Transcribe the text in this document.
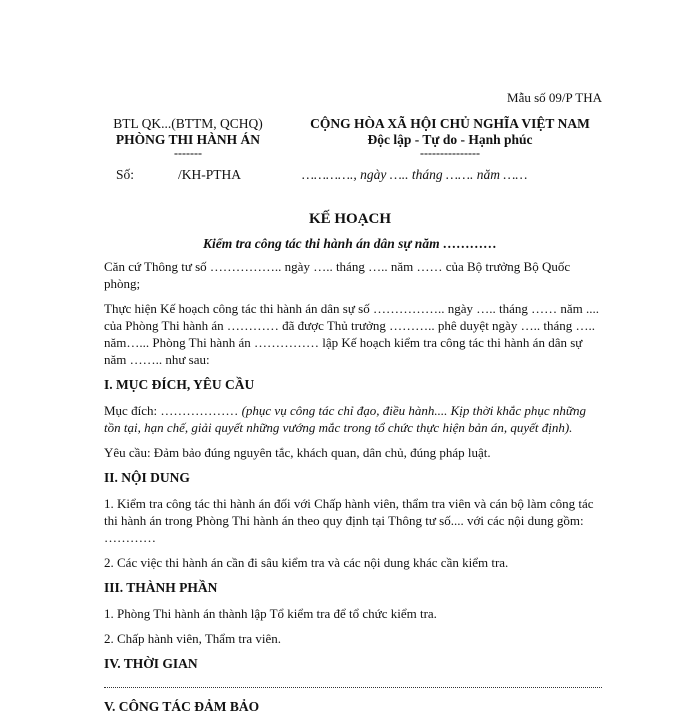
Mẫu số 09/P THA
BTL QK...(BTTM, QCHQ)
PHÒNG THI HÀNH ÁN
-------
CỘNG HÒA XÃ HỘI CHỦ NGHĨA VIỆT NAM
Độc lập - Tự do - Hạnh phúc
---------------
Số:	/KH-PTHA	…………., ngày ….. tháng ……. năm ……
KẾ HOẠCH
Kiểm tra công tác thi hành án dân sự năm …………

Căn cứ Thông tư số …………….. ngày ….. tháng ….. năm …… của Bộ trưởng Bộ Quốc phòng;

Thực hiện Kế hoạch công tác thi hành án dân sự số …………….. ngày ….. tháng …… năm .... của Phòng Thi hành án ………… đã được Thủ trưởng ……….. phê duyệt ngày ….. tháng ….. năm…... Phòng Thi hành án …………… lập Kế hoạch kiểm tra công tác thi hành án dân sự năm …….. như sau:

I. MỤC ĐÍCH, YÊU CẦU

Mục đích: ……………… (phục vụ công tác chỉ đạo, điều hành.... Kịp thời khắc phục những tồn tại, hạn chế, giải quyết những vướng mắc trong tổ chức thực hiện bản án, quyết định).

Yêu cầu: Đảm bảo đúng nguyên tắc, khách quan, dân chủ, đúng pháp luật.

II. NỘI DUNG

1. Kiểm tra công tác thi hành án đối với Chấp hành viên, thẩm tra viên và cán bộ làm công tác thi hành án trong Phòng Thi hành án theo quy định tại Thông tư số.... với các nội dung gồm: …………

2. Các việc thi hành án cần đi sâu kiểm tra và các nội dung khác cần kiểm tra.

III. THÀNH PHẦN

1. Phòng Thi hành án thành lập Tổ kiểm tra để tổ chức kiểm tra.

2. Chấp hành viên, Thẩm tra viên.

IV. THỜI GIAN
V. CÔNG TÁC ĐẢM BẢO
